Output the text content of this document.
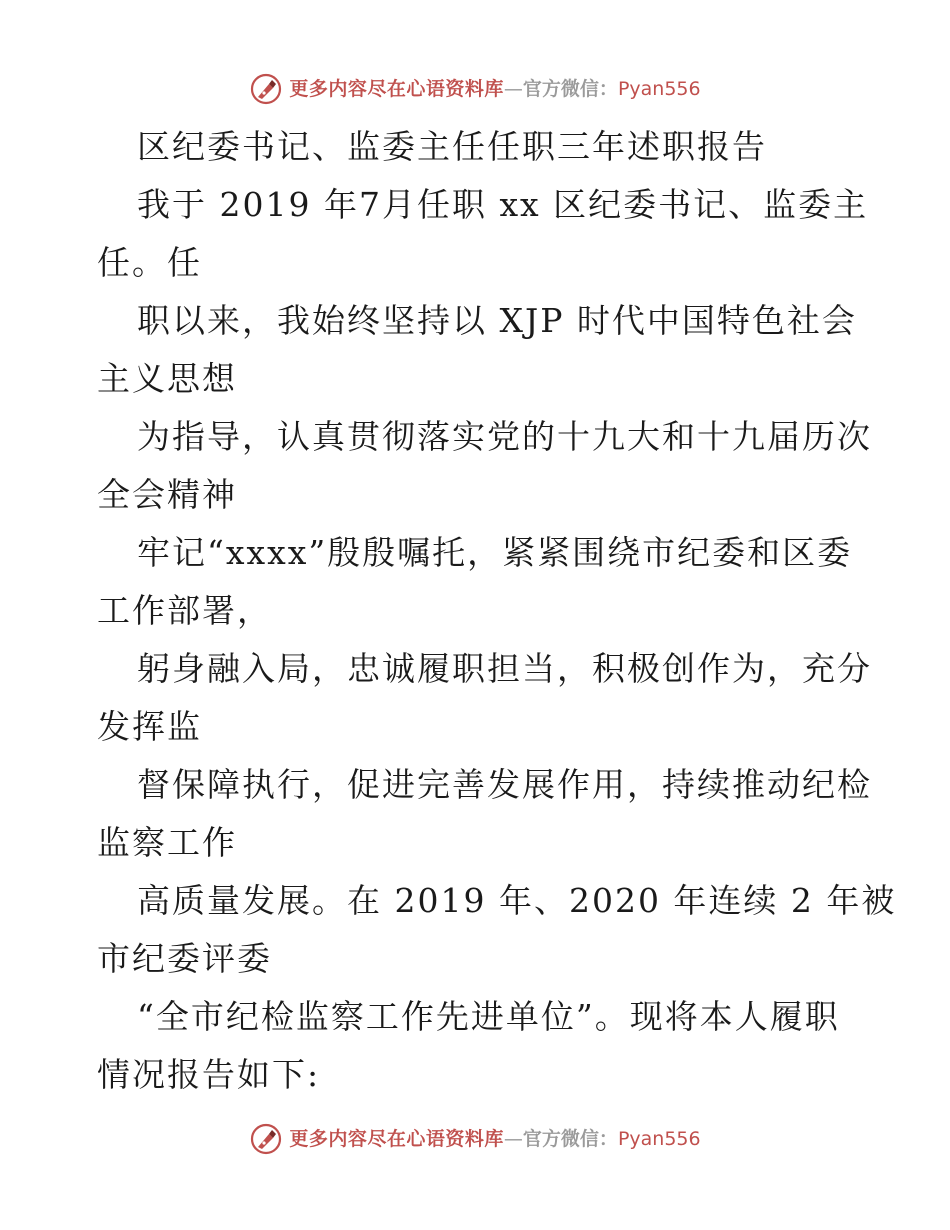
更多内容尽在心语资料库 — 官方微信： Pyan556
区纪委书记、监委主任任职三年述职报告
我于 2019 年7月任职 xx 区纪委书记、监委主
任。任
职以来，我始终坚持以 XJP 时代中国特色社会
主义思想
为指导，认真贯彻落实党的十九大和十九届历次
全会精神
牢记“xxxx”殷殷嘱托，紧紧围绕市纪委和区委
工作部署，
躬身融入局，忠诚履职担当，积极创作为，充分
发挥监
督保障执行，促进完善发展作用，持续推动纪检
监察工作
高质量发展。在 2019 年、2020 年连续 2 年被
市纪委评委
“全市纪检监察工作先进单位”。现将本人履职
情况报告如下:
更多内容尽在心语资料库 — 官方微信： Pyan556
